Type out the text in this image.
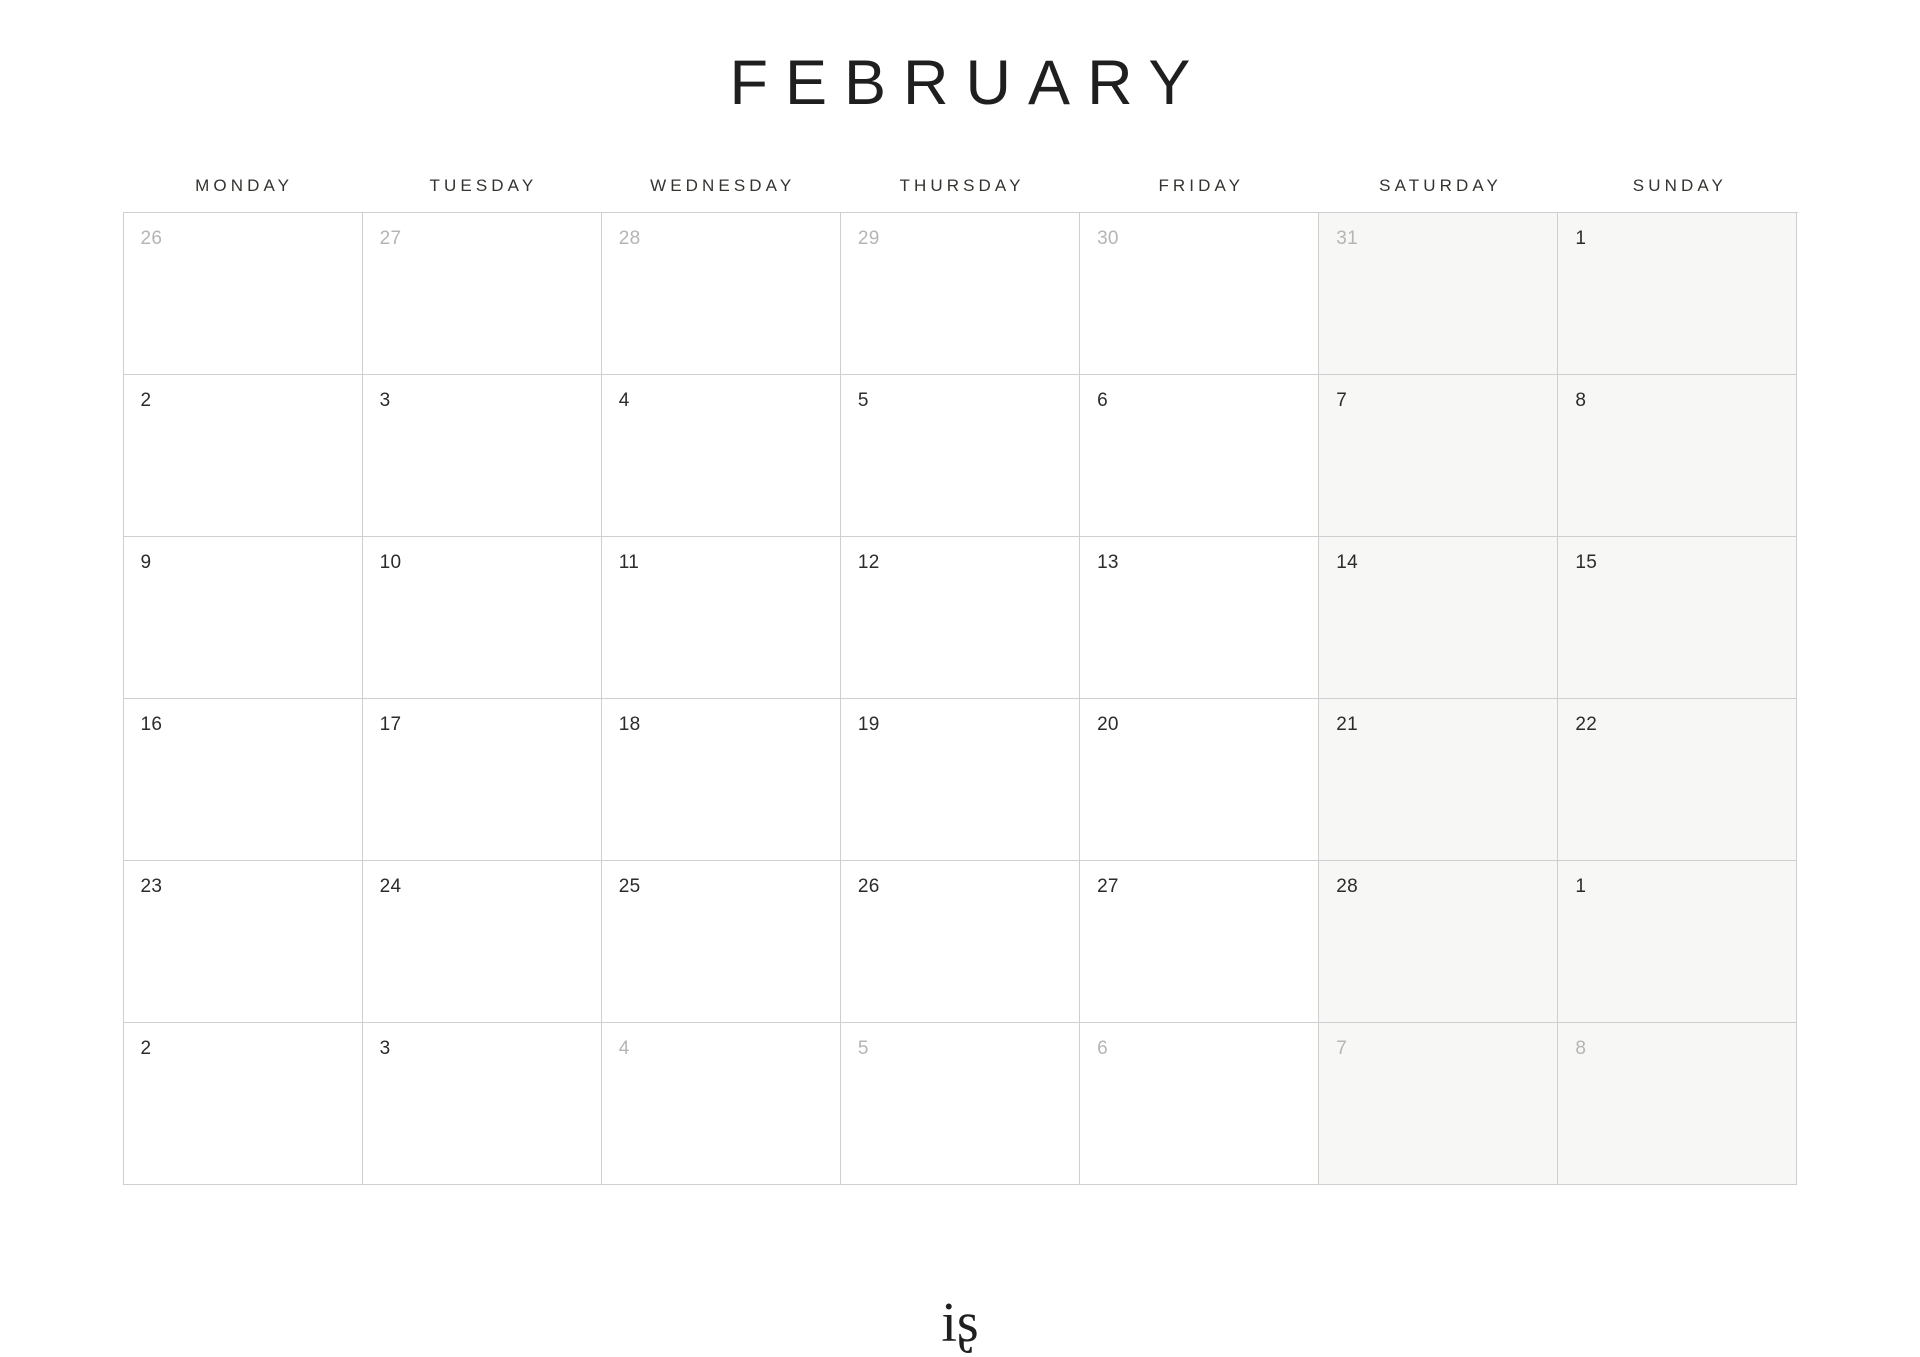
FEBRUARY
MONDAY	TUESDAY	WEDNESDAY	THURSDAY	FRIDAY	SATURDAY	SUNDAY
26	27	28	29	30	31	1
2	3	4	5	6	7	8
9	10	11	12	13	14	15
16	17	18	19	20	21	22
23	24	25	26	27	28	1
2	3	4	5	6	7	8
iʂ
